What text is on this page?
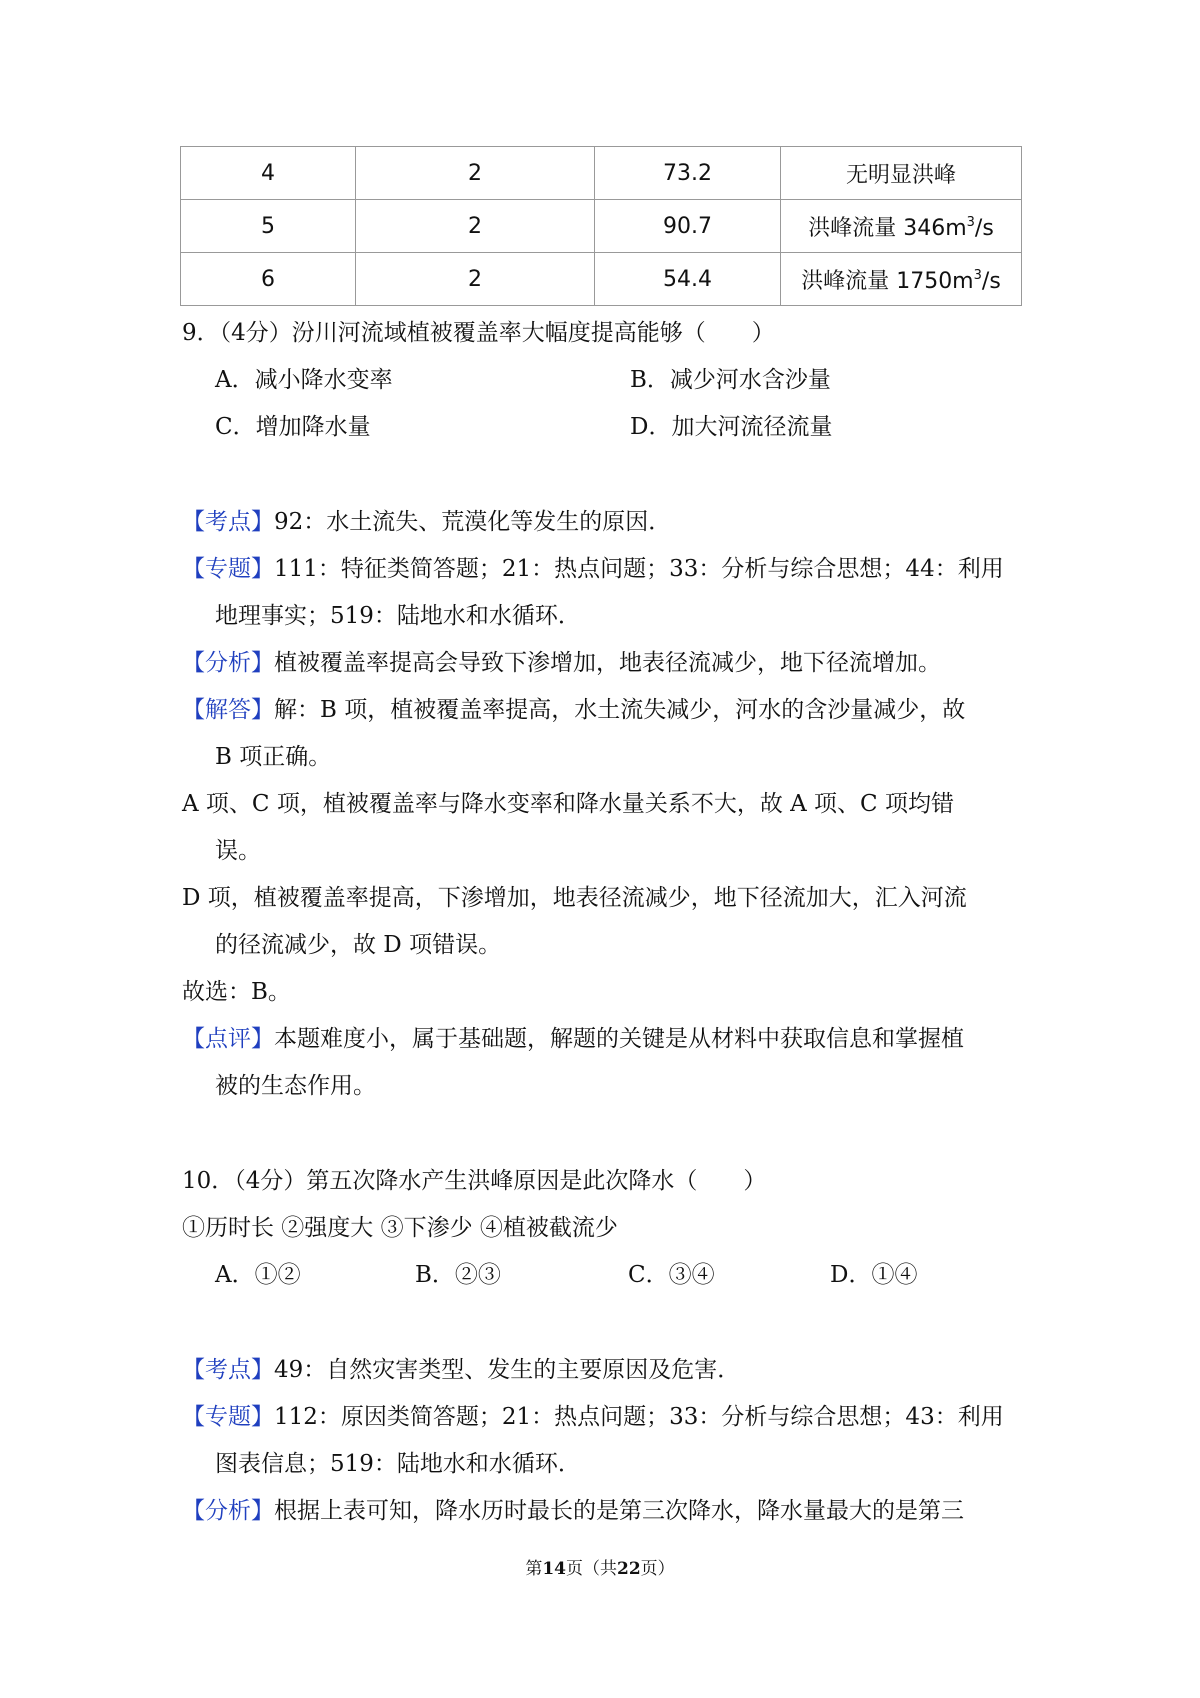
4	2	73.2	无明显洪峰
5	2	90.7	洪峰流量 $346m^3/s$
6	2	54.4	洪峰流量 $1750m^3/s$
9．（4分）汾川河流域植被覆盖率大幅度提高能够（　　）
A．减小降水变率	B．减少河水含沙量
C．增加降水量	D．加大河流径流量
【考点】92：水土流失、荒漠化等发生的原因．
【专题】111：特征类简答题；21：热点问题；33：分析与综合思想；44：利用
地理事实；519：陆地水和水循环．
【分析】植被覆盖率提高会导致下渗增加，地表径流减少，地下径流增加。
【解答】解：B 项，植被覆盖率提高，水土流失减少，河水的含沙量减少，故
B 项正确。
A 项、C 项，植被覆盖率与降水变率和降水量关系不大，故 A 项、C 项均错
误。
D 项，植被覆盖率提高，下渗增加，地表径流减少，地下径流加大，汇入河流
的径流减少，故 D 项错误。
故选：B。
【点评】本题难度小，属于基础题，解题的关键是从材料中获取信息和掌握植
被的生态作用。
10．（4分）第五次降水产生洪峰原因是此次降水（　　）
①历时长 ②强度大 ③下渗少 ④植被截流少
A．①②	B．②③	C．③④	D．①④
【考点】49：自然灾害类型、发生的主要原因及危害．
【专题】112：原因类简答题；21：热点问题；33：分析与综合思想；43：利用
图表信息；519：陆地水和水循环．
【分析】根据上表可知，降水历时最长的是第三次降水，降水量最大的是第三
第14页（共22页）
